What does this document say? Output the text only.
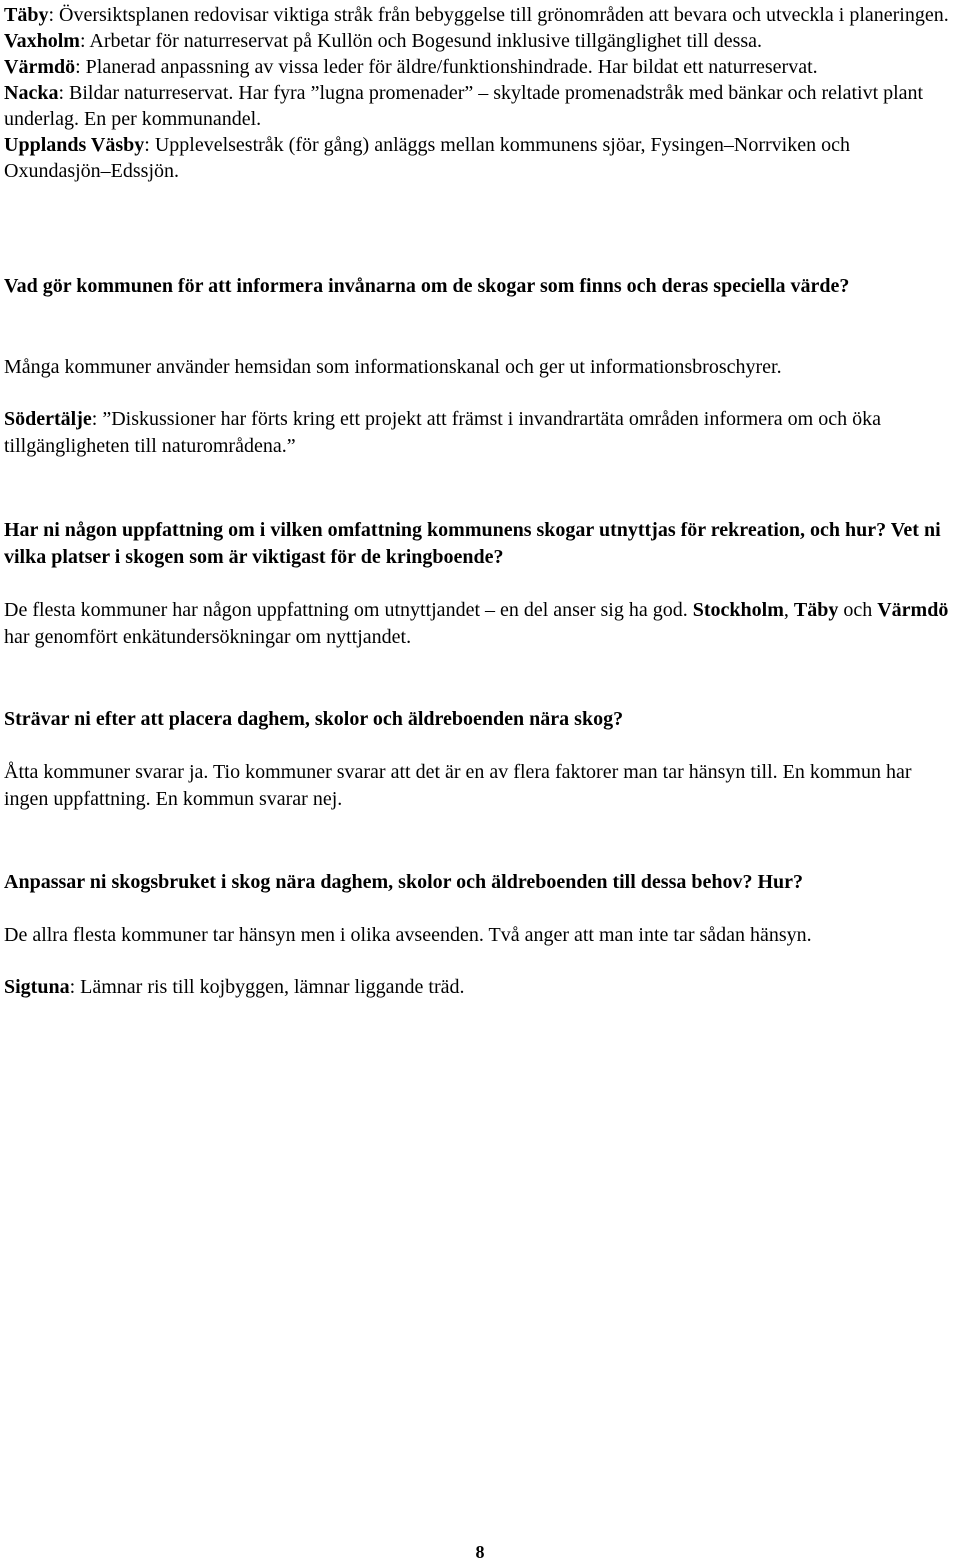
Täby: Översiktsplanen redovisar viktiga stråk från bebyggelse till grönområden att bevara och utveckla i planeringen.

Vaxholm: Arbetar för naturreservat på Kullön och Bogesund inklusive tillgänglighet till dessa.

Värmdö: Planerad anpassning av vissa leder för äldre/funktionshindrade. Har bildat ett naturreservat.

Nacka: Bildar naturreservat. Har fyra ”lugna promenader” – skyltade promenadstråk med bänkar och relativt plant underlag. En per kommunandel.

Upplands Väsby: Upplevelsestråk (för gång) anläggs mellan kommunens sjöar, Fysingen–Norrviken och Oxundasjön–Edssjön.

Vad gör kommunen för att informera invånarna om de skogar som finns och deras speciella värde?

Många kommuner använder hemsidan som informationskanal och ger ut informationsbroschyrer.

Södertälje: ”Diskussioner har förts kring ett projekt att främst i invandrartäta områden informera om och öka tillgängligheten till naturområdena.”

Har ni någon uppfattning om i vilken omfattning kommunens skogar utnyttjas för rekreation, och hur? Vet ni vilka platser i skogen som är viktigast för de kringboende?

De flesta kommuner har någon uppfattning om utnyttjandet – en del anser sig ha god. Stockholm, Täby och Värmdö har genomfört enkätundersökningar om nyttjandet.

Strävar ni efter att placera daghem, skolor och äldreboenden nära skog?

Åtta kommuner svarar ja. Tio kommuner svarar att det är en av flera faktorer man tar hänsyn till. En kommun har ingen uppfattning. En kommun svarar nej.

Anpassar ni skogsbruket i skog nära daghem, skolor och äldreboenden till dessa behov? Hur?

De allra flesta kommuner tar hänsyn men i olika avseenden. Två anger att man inte tar sådan hänsyn.

Sigtuna: Lämnar ris till kojbyggen, lämnar liggande träd.

8
